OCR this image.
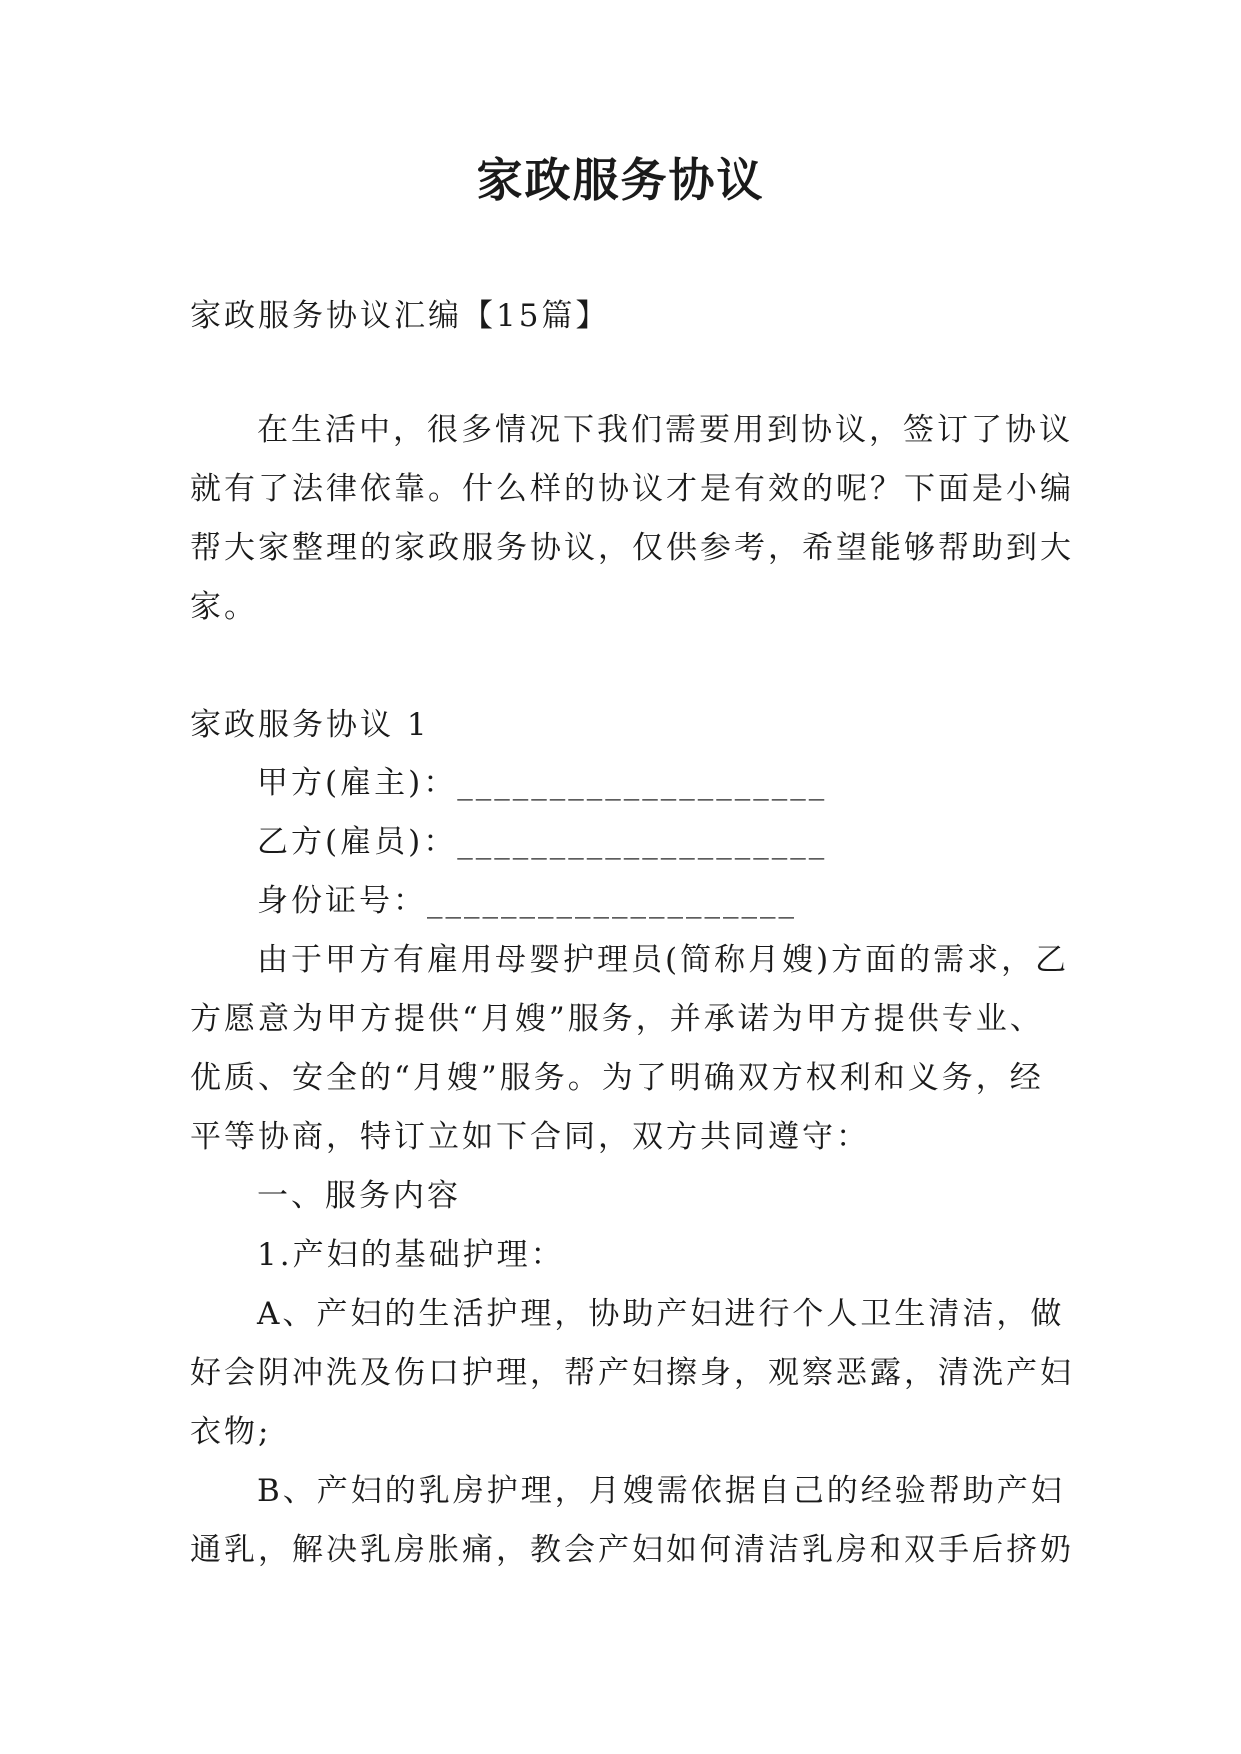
家政服务协议
家政服务协议汇编【15篇】
在生活中，很多情况下我们需要用到协议，签订了协议
就有了法律依靠。什么样的协议才是有效的呢？下面是小编
帮大家整理的家政服务协议，仅供参考，希望能够帮助到大
家。
家政服务协议 1
甲方(雇主)：____________________
乙方(雇员)：____________________
身份证号：____________________
由于甲方有雇用母婴护理员(简称月嫂)方面的需求，乙
方愿意为甲方提供“月嫂”服务，并承诺为甲方提供专业、
优质、安全的“月嫂”服务。为了明确双方权利和义务，经
平等协商，特订立如下合同，双方共同遵守：
一、服务内容
1.产妇的基础护理：
A、产妇的生活护理，协助产妇进行个人卫生清洁，做
好会阴冲洗及伤口护理，帮产妇擦身，观察恶露，清洗产妇
衣物;
B、产妇的乳房护理，月嫂需依据自己的经验帮助产妇
通乳，解决乳房胀痛，教会产妇如何清洁乳房和双手后挤奶
